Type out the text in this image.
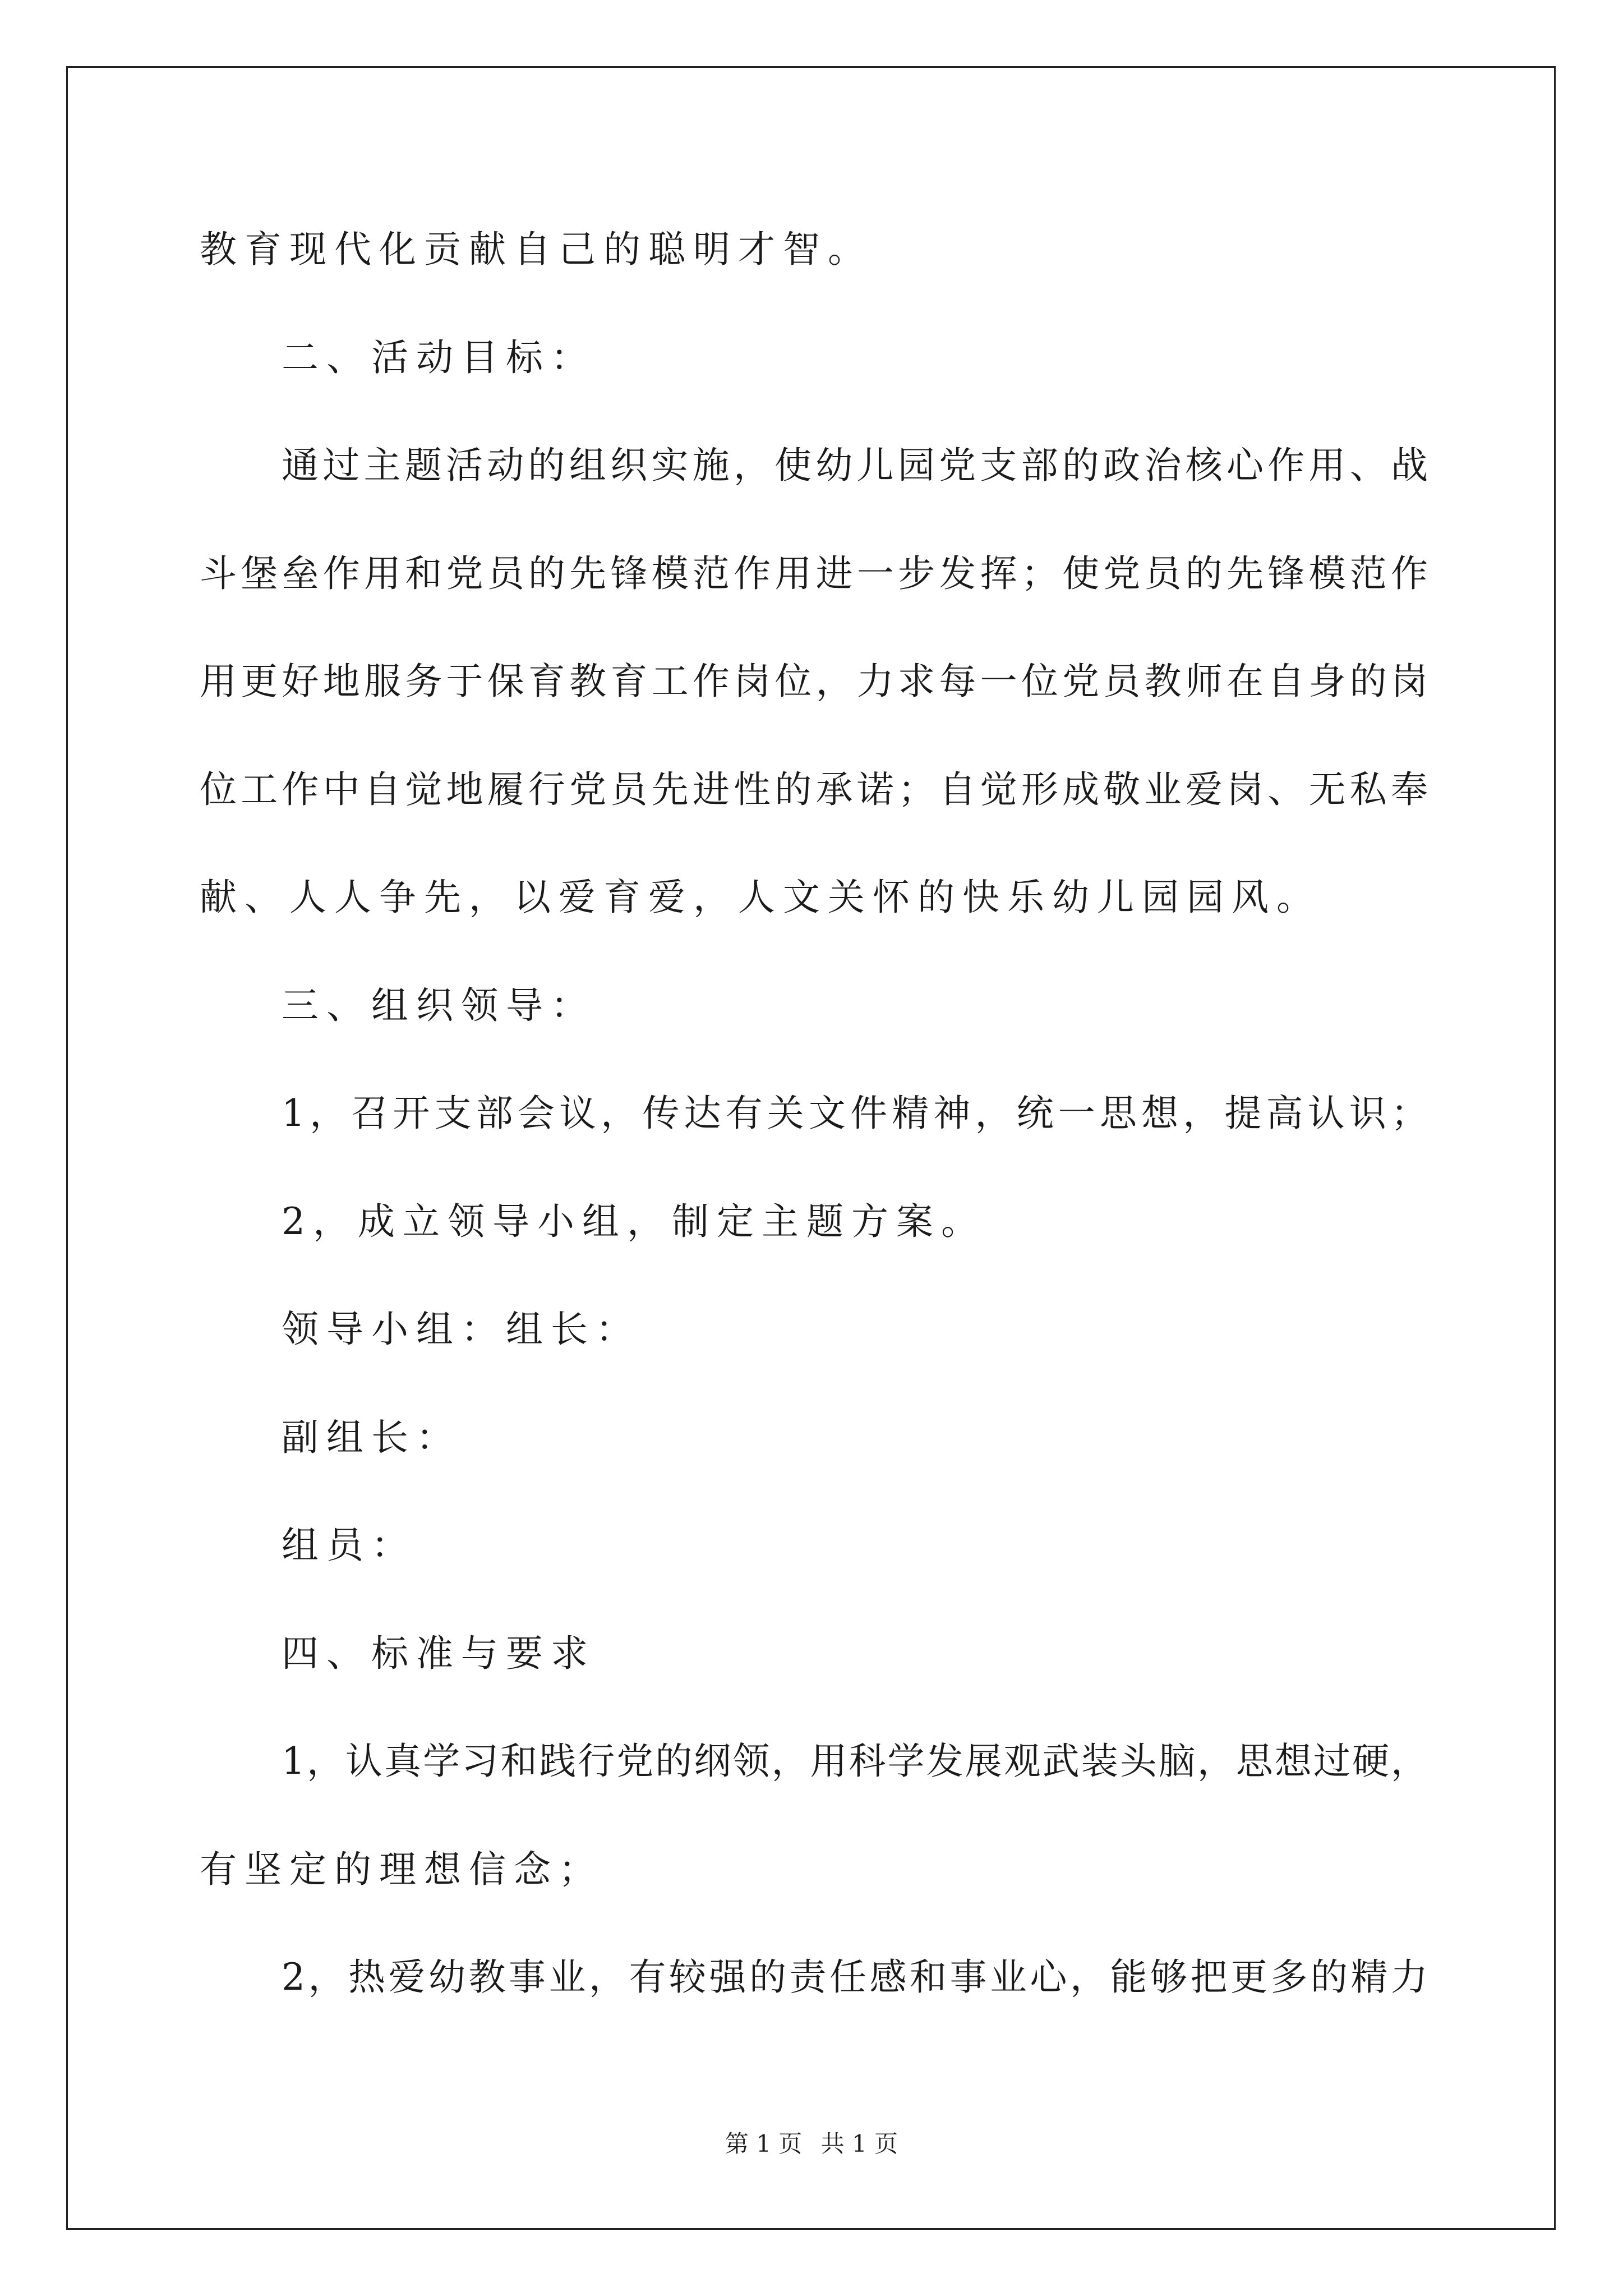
教育现代化贡献自己的聪明才智。
二、活动目标：
通过主题活动的组织实施，使幼儿园党支部的政治核心作用、战
斗堡垒作用和党员的先锋模范作用进一步发挥；使党员的先锋模范作
用更好地服务于保育教育工作岗位，力求每一位党员教师在自身的岗
位工作中自觉地履行党员先进性的承诺；自觉形成敬业爱岗、无私奉
献、人人争先，以爱育爱，人文关怀的快乐幼儿园园风。
三、组织领导：
1，召开支部会议，传达有关文件精神，统一思想，提高认识；
2，成立领导小组，制定主题方案。
领导小组：组长：
副组长：
组员：
四、标准与要求
1，认真学习和践行党的纲领，用科学发展观武装头脑，思想过硬，
有坚定的理想信念；
2，热爱幼教事业，有较强的责任感和事业心，能够把更多的精力
第 1 页 共 1 页
